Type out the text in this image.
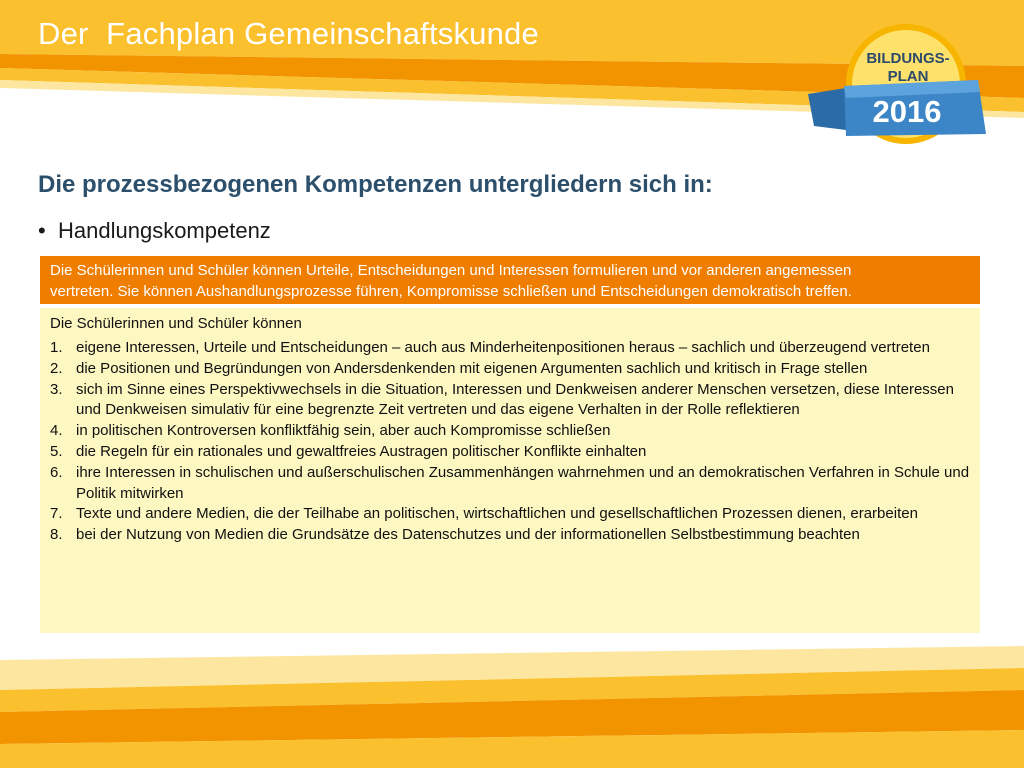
Der  Fachplan Gemeinschaftskunde
BILDUNGS-
PLAN
2016
Die prozessbezogenen Kompetenzen untergliedern sich in:
• Handlungskompetenz
Die Schülerinnen und Schüler können Urteile, Entscheidungen und Interessen formulieren und vor anderen angemessen
vertreten. Sie können Aushandlungsprozesse führen, Kompromisse schließen und Entscheidungen demokratisch treffen.
Die Schülerinnen und Schüler können
1. eigene Interessen, Urteile und Entscheidungen – auch aus Minderheitenpositionen heraus – sachlich und überzeugend vertreten
2. die Positionen und Begründungen von Andersdenkenden mit eigenen Argumenten sachlich und kritisch in Frage stellen
3. sich im Sinne eines Perspektivwechsels in die Situation, Interessen und Denkweisen anderer Menschen versetzen, diese Interessen und Denkweisen simulativ für eine begrenzte Zeit vertreten und das eigene Verhalten in der Rolle reflektieren
4. in politischen Kontroversen konfliktfähig sein, aber auch Kompromisse schließen
5. die Regeln für ein rationales und gewaltfreies Austragen politischer Konflikte einhalten
6. ihre Interessen in schulischen und außerschulischen Zusammenhängen wahrnehmen und an demokratischen Verfahren in Schule und Politik mitwirken
7. Texte und andere Medien, die der Teilhabe an politischen, wirtschaftlichen und gesellschaftlichen Prozessen dienen, erarbeiten
8. bei der Nutzung von Medien die Grundsätze des Datenschutzes und der informationellen Selbstbestimmung beachten
